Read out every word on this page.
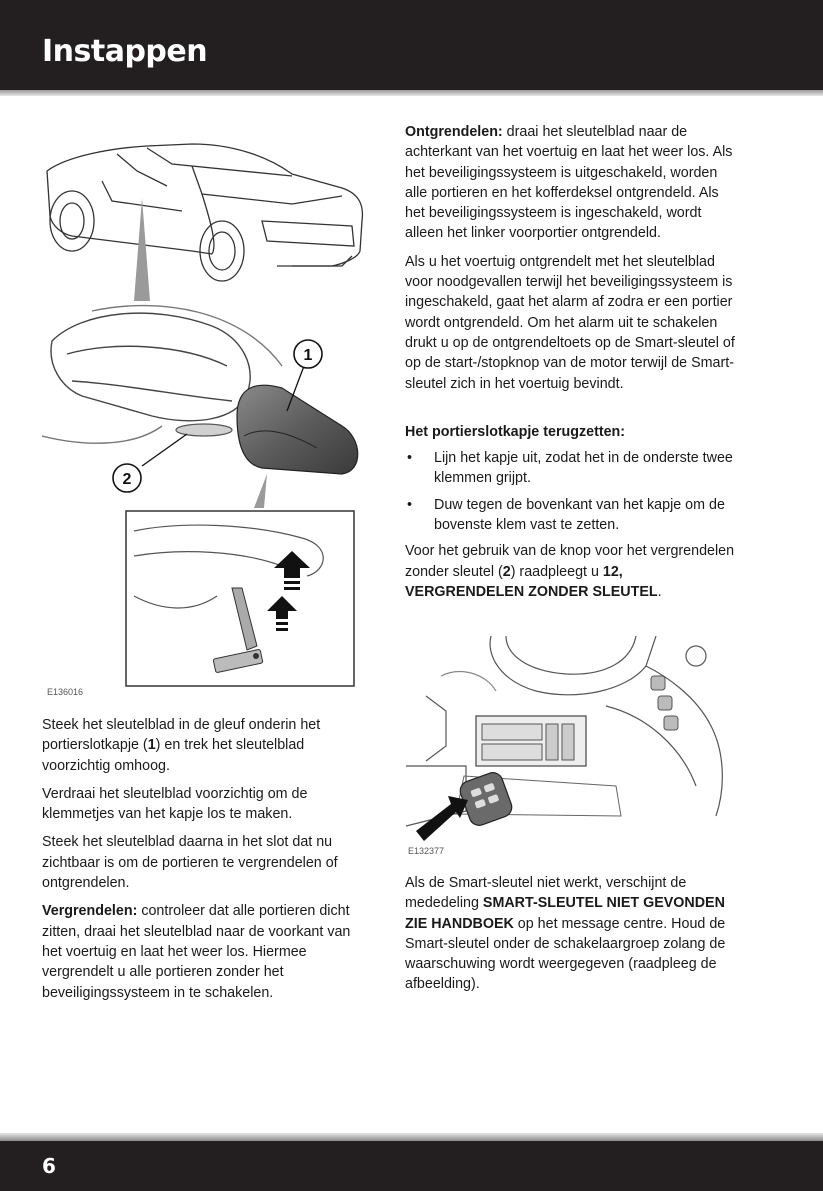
Instappen
1
2
E136016

Steek het sleutelblad in de gleuf onderin het portierslotkapje (1) en trek het sleutelblad voorzichtig omhoog.

Verdraai het sleutelblad voorzichtig om de klemmetjes van het kapje los te maken.

Steek het sleutelblad daarna in het slot dat nu zichtbaar is om de portieren te vergrendelen of ontgrendelen.

Vergrendelen: controleer dat alle portieren dicht zitten, draai het sleutelblad naar de voorkant van het voertuig en laat het weer los. Hiermee vergrendelt u alle portieren zonder het beveiligingssysteem in te schakelen.

Ontgrendelen: draai het sleutelblad naar de achterkant van het voertuig en laat het weer los. Als het beveiligingssysteem is uitgeschakeld, worden alle portieren en het kofferdeksel ontgrendeld. Als het beveiligingssysteem is ingeschakeld, wordt alleen het linker voorportier ontgrendeld.

Als u het voertuig ontgrendelt met het sleutelblad voor noodgevallen terwijl het beveiligingssysteem is ingeschakeld, gaat het alarm af zodra er een portier wordt ontgrendeld. Om het alarm uit te schakelen drukt u op de ontgrendeltoets op de Smart-sleutel of op de start-/stopknop van de motor terwijl de Smart-sleutel zich in het voertuig bevindt.

Het portierslotkapje terugzetten:
• Lijn het kapje uit, zodat het in de onderste twee klemmen grijpt.
• Duw tegen de bovenkant van het kapje om de bovenste klem vast te zetten.

Voor het gebruik van de knop voor het vergrendelen zonder sleutel (2) raadpleegt u 12, VERGRENDELEN ZONDER SLEUTEL.

E132377

Als de Smart-sleutel niet werkt, verschijnt de mededeling SMART-SLEUTEL NIET GEVONDEN ZIE HANDBOEK op het message centre. Houd de Smart-sleutel onder de schakelaargroep zolang de waarschuwing wordt weergegeven (raadpleeg de afbeelding).

6
